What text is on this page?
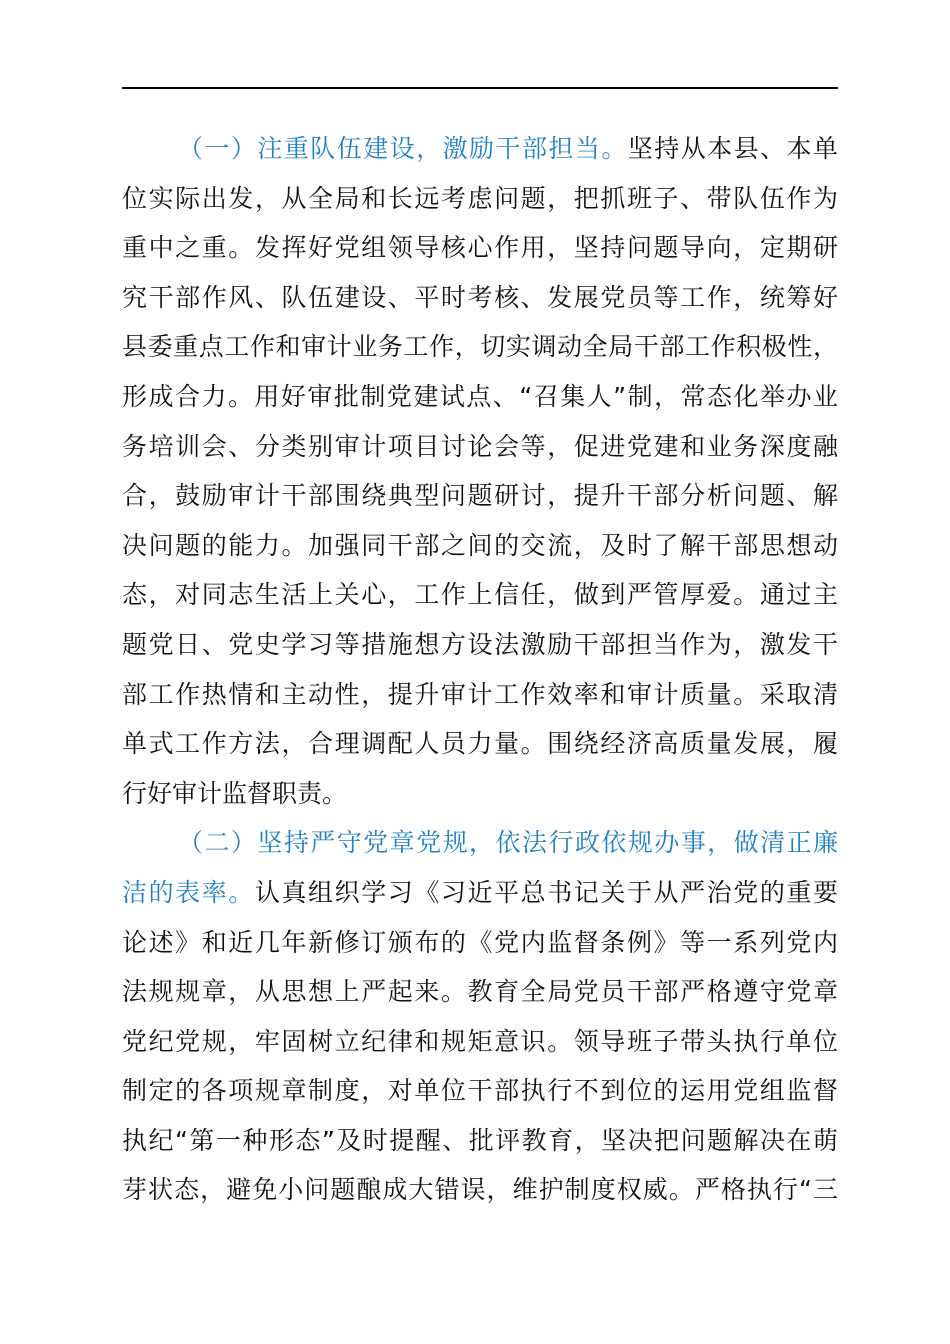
（一）注重队伍建设，激励干部担当。坚持从本县、本单
位实际出发，从全局和长远考虑问题，把抓班子、带队伍作为
重中之重。发挥好党组领导核心作用，坚持问题导向，定期研
究干部作风、队伍建设、平时考核、发展党员等工作，统筹好
县委重点工作和审计业务工作，切实调动全局干部工作积极性，
形成合力。用好审批制党建试点、“召集人”制，常态化举办业
务培训会、分类别审计项目讨论会等，促进党建和业务深度融
合，鼓励审计干部围绕典型问题研讨，提升干部分析问题、解
决问题的能力。加强同干部之间的交流，及时了解干部思想动
态，对同志生活上关心，工作上信任，做到严管厚爱。通过主
题党日、党史学习等措施想方设法激励干部担当作为，激发干
部工作热情和主动性，提升审计工作效率和审计质量。采取清
单式工作方法，合理调配人员力量。围绕经济高质量发展，履
行好审计监督职责。
（二）坚持严守党章党规，依法行政依规办事，做清正廉
洁的表率。认真组织学习《习近平总书记关于从严治党的重要
论述》和近几年新修订颁布的《党内监督条例》等一系列党内
法规规章，从思想上严起来。教育全局党员干部严格遵守党章
党纪党规，牢固树立纪律和规矩意识。领导班子带头执行单位
制定的各项规章制度，对单位干部执行不到位的运用党组监督
执纪“第一种形态”及时提醒、批评教育，坚决把问题解决在萌
芽状态，避免小问题酿成大错误，维护制度权威。严格执行“三
